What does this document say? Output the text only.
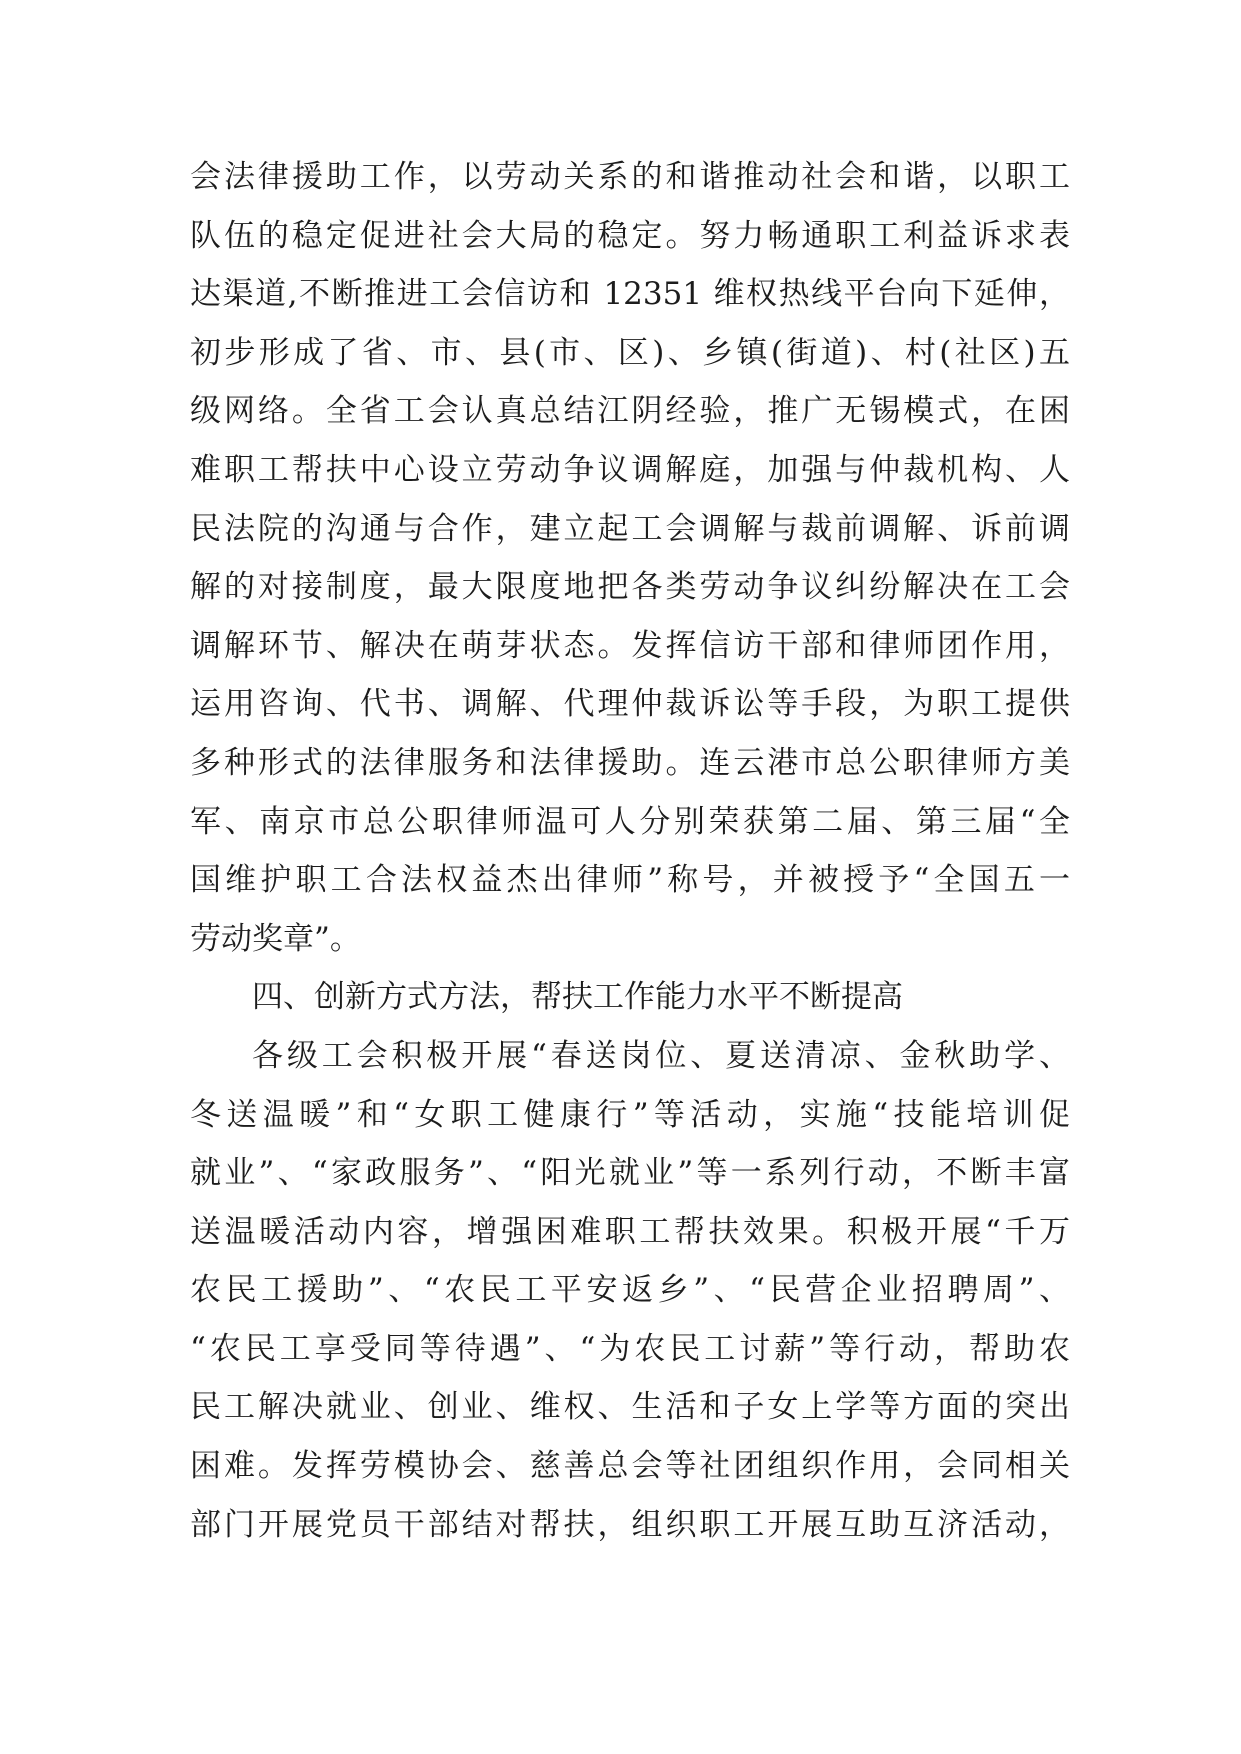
会法律援助工作，以劳动关系的和谐推动社会和谐，以职工
队伍的稳定促进社会大局的稳定。努力畅通职工利益诉求表
达渠道,不断推进工会信访和 12351 维权热线平台向下延伸，
初步形成了省、市、县(市、区)、乡镇(街道)、村(社区)五
级网络。全省工会认真总结江阴经验，推广无锡模式，在困
难职工帮扶中心设立劳动争议调解庭，加强与仲裁机构、人
民法院的沟通与合作，建立起工会调解与裁前调解、诉前调
解的对接制度，最大限度地把各类劳动争议纠纷解决在工会
调解环节、解决在萌芽状态。发挥信访干部和律师团作用，
运用咨询、代书、调解、代理仲裁诉讼等手段，为职工提供
多种形式的法律服务和法律援助。连云港市总公职律师方美
军、南京市总公职律师温可人分别荣获第二届、第三届“全
国维护职工合法权益杰出律师”称号，并被授予“全国五一
劳动奖章”。
四、创新方式方法，帮扶工作能力水平不断提高
各级工会积极开展“春送岗位、夏送清凉、金秋助学、
冬送温暖”和“女职工健康行”等活动，实施“技能培训促
就业”、“家政服务”、“阳光就业”等一系列行动，不断丰富
送温暖活动内容，增强困难职工帮扶效果。积极开展“千万
农民工援助”、“农民工平安返乡”、“民营企业招聘周”、
“农民工享受同等待遇”、“为农民工讨薪”等行动，帮助农
民工解决就业、创业、维权、生活和子女上学等方面的突出
困难。发挥劳模协会、慈善总会等社团组织作用，会同相关
部门开展党员干部结对帮扶，组织职工开展互助互济活动，
